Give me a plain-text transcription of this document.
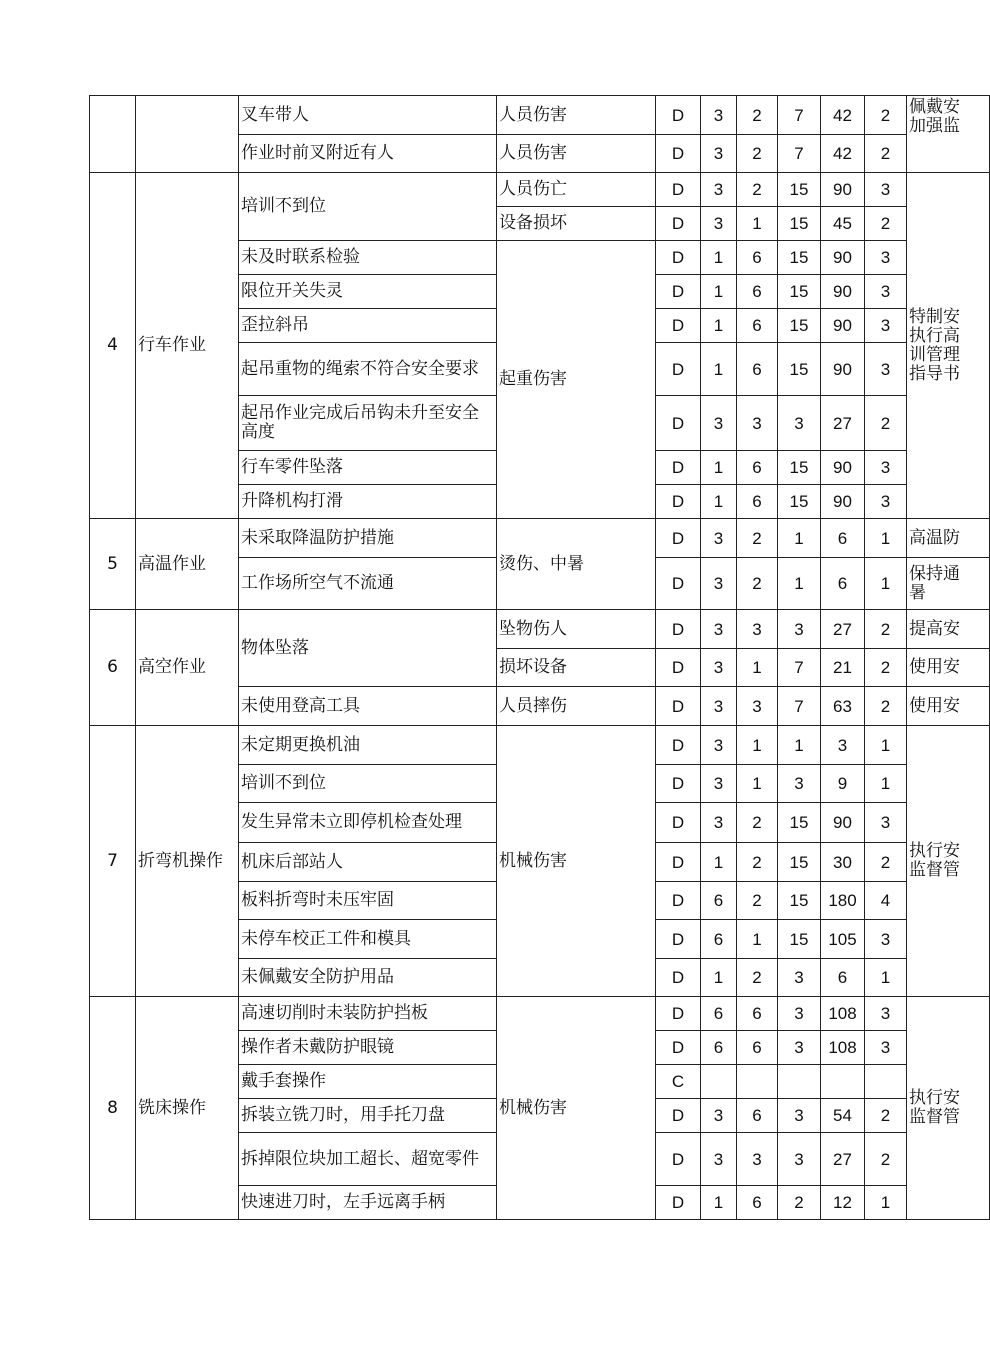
		叉车带人	人员伤害	D	3	2	7	42	2	佩戴安
加强监
		作业时前叉附近有人	人员伤害	D	3	2	7	42	2	
4	行车作业	培训不到位	人员伤亡	D	3	2	15	90	3	特制安
执行高
训管理
指导书
			设备损坏	D	3	1	15	45	2	
		未及时联系检验	起重伤害	D	1	6	15	90	3	
		限位开关失灵		D	1	6	15	90	3	
		歪拉斜吊		D	1	6	15	90	3	
		起吊重物的绳索不符合安全要求		D	1	6	15	90	3	
		起吊作业完成后吊钩未升至安全高度		D	3	3	3	27	2	
		行车零件坠落		D	1	6	15	90	3	
		升降机构打滑		D	1	6	15	90	3	
5	高温作业	未采取降温防护措施	烫伤、中暑	D	3	2	1	6	1	高温防
		工作场所空气不流通		D	3	2	1	6	1	保持通
暑
6	高空作业	物体坠落	坠物伤人	D	3	3	3	27	2	提高安
			损坏设备	D	3	1	7	21	2	使用安
		未使用登高工具	人员摔伤	D	3	3	7	63	2	使用安
7	折弯机操作	未定期更换机油	机械伤害	D	3	1	1	3	1	执行安
监督管
		培训不到位		D	3	1	3	9	1	
		发生异常未立即停机检查处理		D	3	2	15	90	3	
		机床后部站人		D	1	2	15	30	2	
		板料折弯时未压牢固		D	6	2	15	180	4	
		未停车校正工件和模具		D	6	1	15	105	3	
		未佩戴安全防护用品		D	1	2	3	6	1	
8	铣床操作	高速切削时未装防护挡板	机械伤害	D	6	6	3	108	3	执行安
监督管
		操作者未戴防护眼镜		D	6	6	3	108	3	
		戴手套操作		C						
		拆装立铣刀时，用手托刀盘		D	3	6	3	54	2	
		拆掉限位块加工超长、超宽零件		D	3	3	3	27	2	
		快速进刀时，左手远离手柄		D	1	6	2	12	1	
